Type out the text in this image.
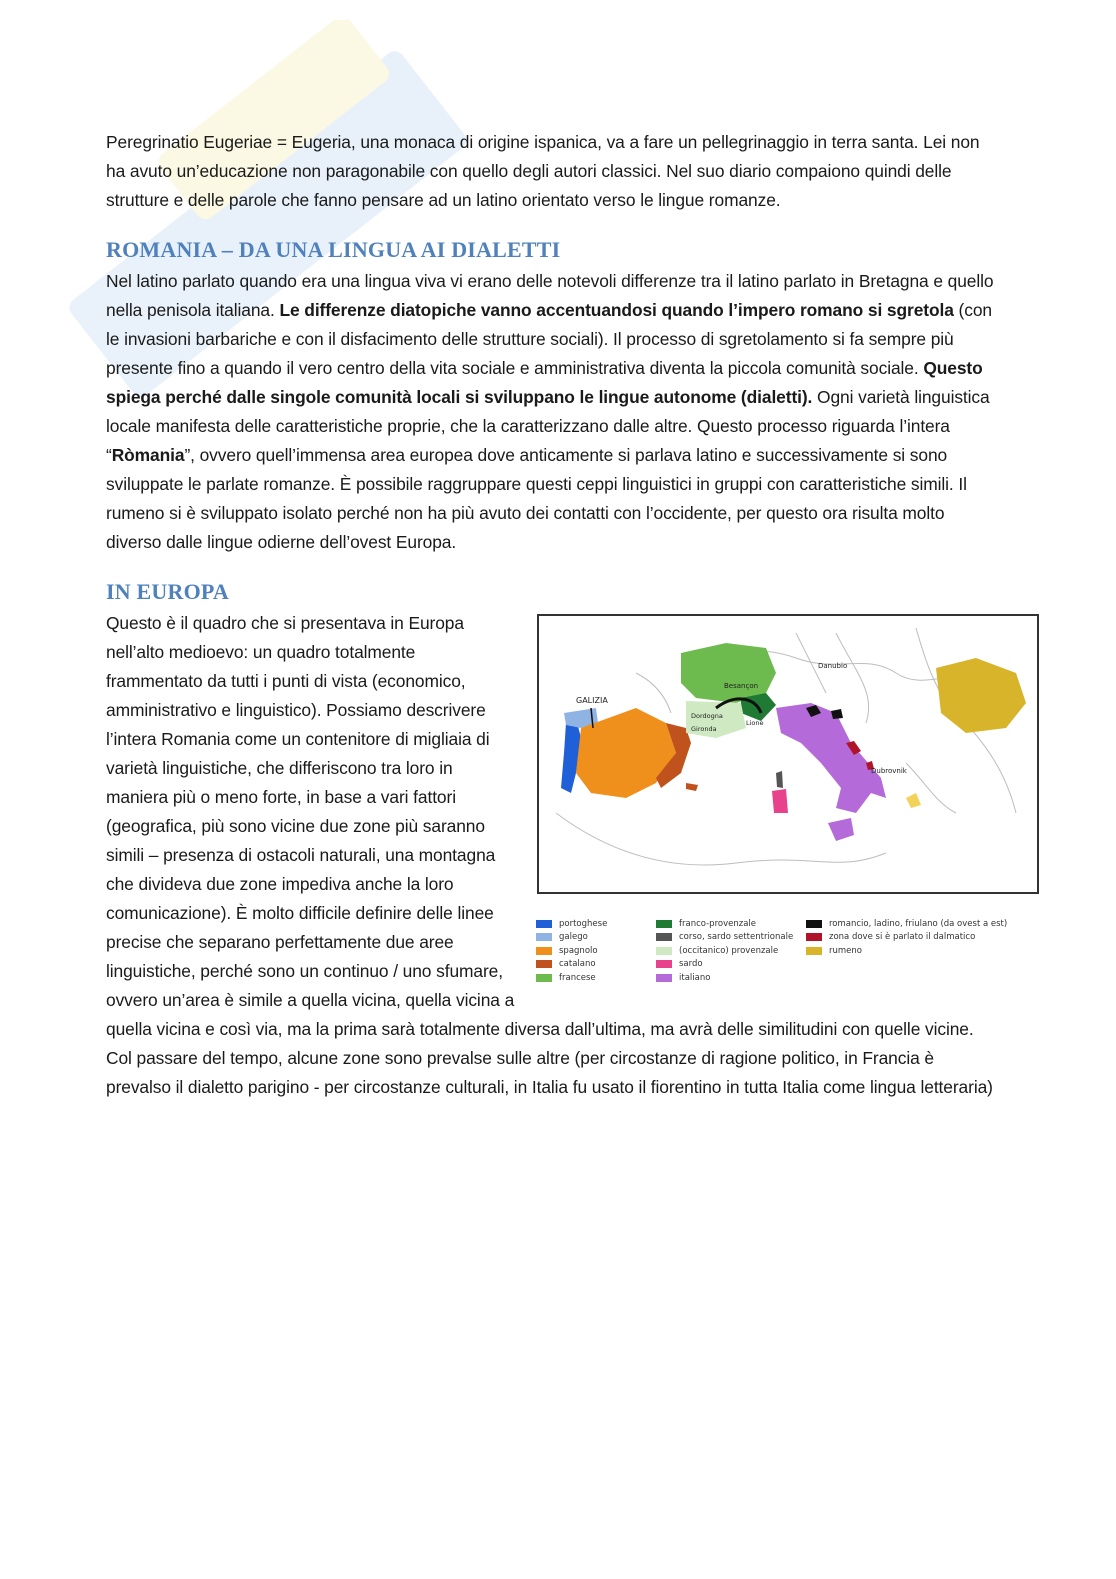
Peregrinatio Eugeriae = Eugeria, una monaca di origine ispanica, va a fare un pellegrinaggio in terra santa. Lei non ha avuto un’educazione non paragonabile con quello degli autori classici. Nel suo diario compaiono quindi delle strutture e delle parole che fanno pensare ad un latino orientato verso le lingue romanze.

ROMANIA – DA UNA LINGUA AI DIALETTI

Nel latino parlato quando era una lingua viva vi erano delle notevoli differenze tra il latino parlato in Bretagna e quello nella penisola italiana. Le differenze diatopiche vanno accentuandosi quando l’impero romano si sgretola (con le invasioni barbariche e con il disfacimento delle strutture sociali). Il processo di sgretolamento si fa sempre più presente fino a quando il vero centro della vita sociale e amministrativa diventa la piccola comunità sociale. Questo spiega perché dalle singole comunità locali si sviluppano le lingue autonome (dialetti). Ogni varietà linguistica locale manifesta delle caratteristiche proprie, che la caratterizzano dalle altre. Questo processo riguarda l’intera “Ròmania”, ovvero quell’immensa area europea dove anticamente si parlava latino e successivamente si sono sviluppate le parlate romanze. È possibile raggruppare questi ceppi linguistici in gruppi con caratteristiche simili. Il rumeno si è sviluppato isolato perché non ha più avuto dei contatti con l’occidente, per questo ora risulta molto diverso dalle lingue odierne dell’ovest Europa.

IN EUROPA
GALIZIA
Besançon
Danubio
Dordogna
Lione
Gironda
Dubrovnik
portoghese
galego
spagnolo
catalano
francese
franco-provenzale
corso, sardo settentrionale
(occitanico) provenzale
sardo
italiano
romancio, ladino, friulano (da ovest a est)
zona dove si è parlato il dalmatico
rumeno

Questo è il quadro che si presentava in Europa nell’alto medioevo: un quadro totalmente frammentato da tutti i punti di vista (economico, amministrativo e linguistico). Possiamo descrivere l’intera Romania come un contenitore di migliaia di varietà linguistiche, che differiscono tra loro in maniera più o meno forte, in base a vari fattori (geografica, più sono vicine due zone più saranno simili – presenza di ostacoli naturali, una montagna che divideva due zone impediva anche la loro comunicazione). È molto difficile definire delle linee precise che separano perfettamente due aree linguistiche, perché sono un continuo / uno sfumare, ovvero un’area è simile a quella vicina, quella vicina a quella vicina e così via, ma la prima sarà totalmente diversa dall’ultima, ma avrà delle similitudini con quelle vicine. Col passare del tempo, alcune zone sono prevalse sulle altre (per circostanze di ragione politico, in Francia è prevalso il dialetto parigino - per circostanze culturali, in Italia fu usato il fiorentino in tutta Italia come lingua letteraria)
